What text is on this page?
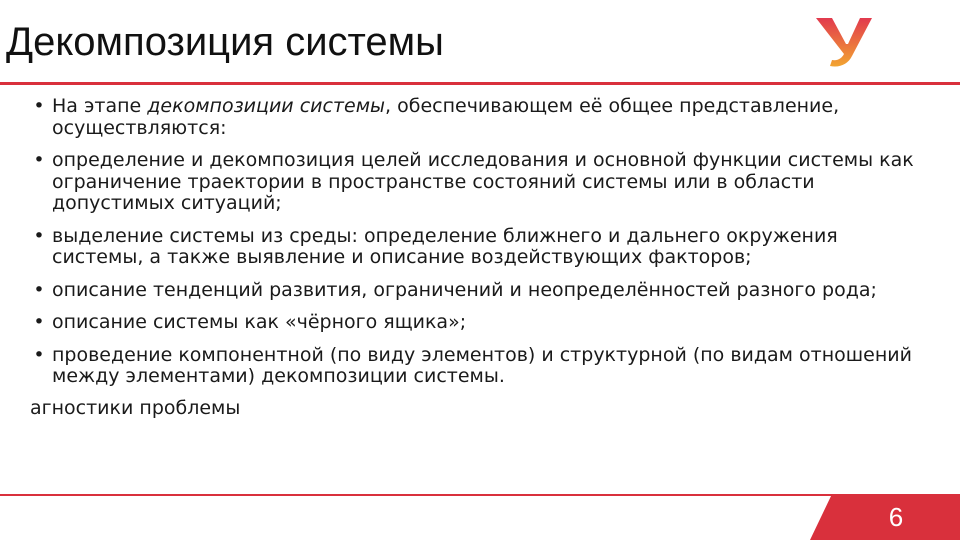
Декомпозиция системы
• На этапе декомпозиции системы, обеспечивающем её общее представление, осуществляются:
• определение и декомпозиция целей исследования и основной функции системы как ограничение траектории в пространстве состояний системы или в области допустимых ситуаций;
• выделение системы из среды: определение ближнего и дальнего окружения системы, а также выявление и описание воздействующих факторов;
• описание тенденций развития, ограничений и неопределённостей разного рода;
• описание системы как «чёрного ящика»;
• проведение компонентной (по виду элементов) и структурной (по видам отношений между элементами) декомпозиции системы.
агностики проблемы
6
